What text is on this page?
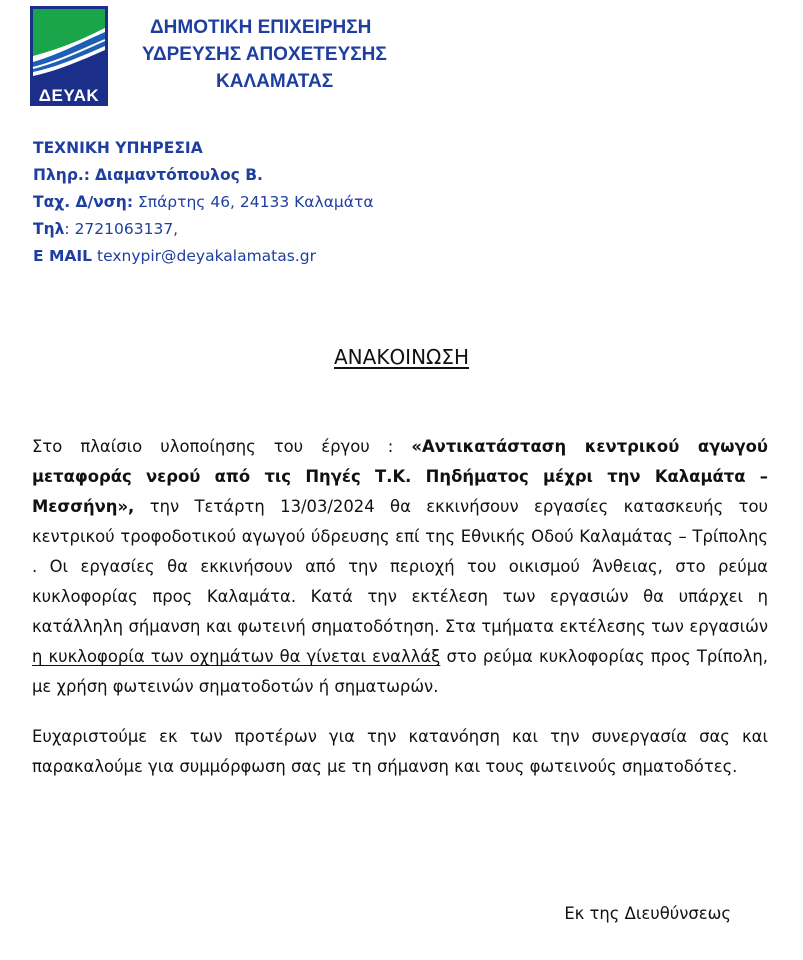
ΔΕΥΑΚ
ΔΗΜΟΤΙΚΗ ΕΠΙΧΕΙΡΗΣΗ
ΥΔΡΕΥΣΗΣ ΑΠΟΧΕΤΕΥΣΗΣ
ΚΑΛΑΜΑΤΑΣ
ΤΕΧΝΙΚΗ ΥΠΗΡΕΣΙΑ
Πληρ.: Διαμαντόπουλος Β.
Ταχ. Δ/νση: Σπάρτης 46, 24133 Καλαμάτα
Τηλ: 2721063137,
E MAIL texnypir@deyakalamatas.gr
ΑΝΑΚΟΙΝΩΣΗ

Στο πλαίσιο υλοποίησης του έργου : «Αντικατάσταση κεντρικού αγωγού μεταφοράς νερού από τις Πηγές Τ.Κ. Πηδήματος μέχρι την Καλαμάτα – Μεσσήνη», την Τετάρτη 13/03/2024 θα εκκινήσουν εργασίες κατασκευής του κεντρικού τροφοδοτικού αγωγού ύδρευσης επί της Εθνικής Οδού Καλαμάτας – Τρίπολης . Οι εργασίες θα εκκινήσουν από την περιοχή του οικισμού Άνθειας, στο ρεύμα κυκλοφορίας προς Καλαμάτα. Κατά την εκτέλεση των εργασιών θα υπάρχει η κατάλληλη σήμανση και φωτεινή σηματοδότηση. Στα τμήματα εκτέλεσης των εργασιών η κυκλοφορία των οχημάτων θα γίνεται εναλλάξ στο ρεύμα κυκλοφορίας προς Τρίπολη, με χρήση φωτεινών σηματοδοτών ή σηματωρών.

Ευχαριστούμε εκ των προτέρων για την κατανόηση και την συνεργασία σας και παρακαλούμε για συμμόρφωση σας με τη σήμανση και τους φωτεινούς σηματοδότες.

Εκ της Διευθύνσεως
